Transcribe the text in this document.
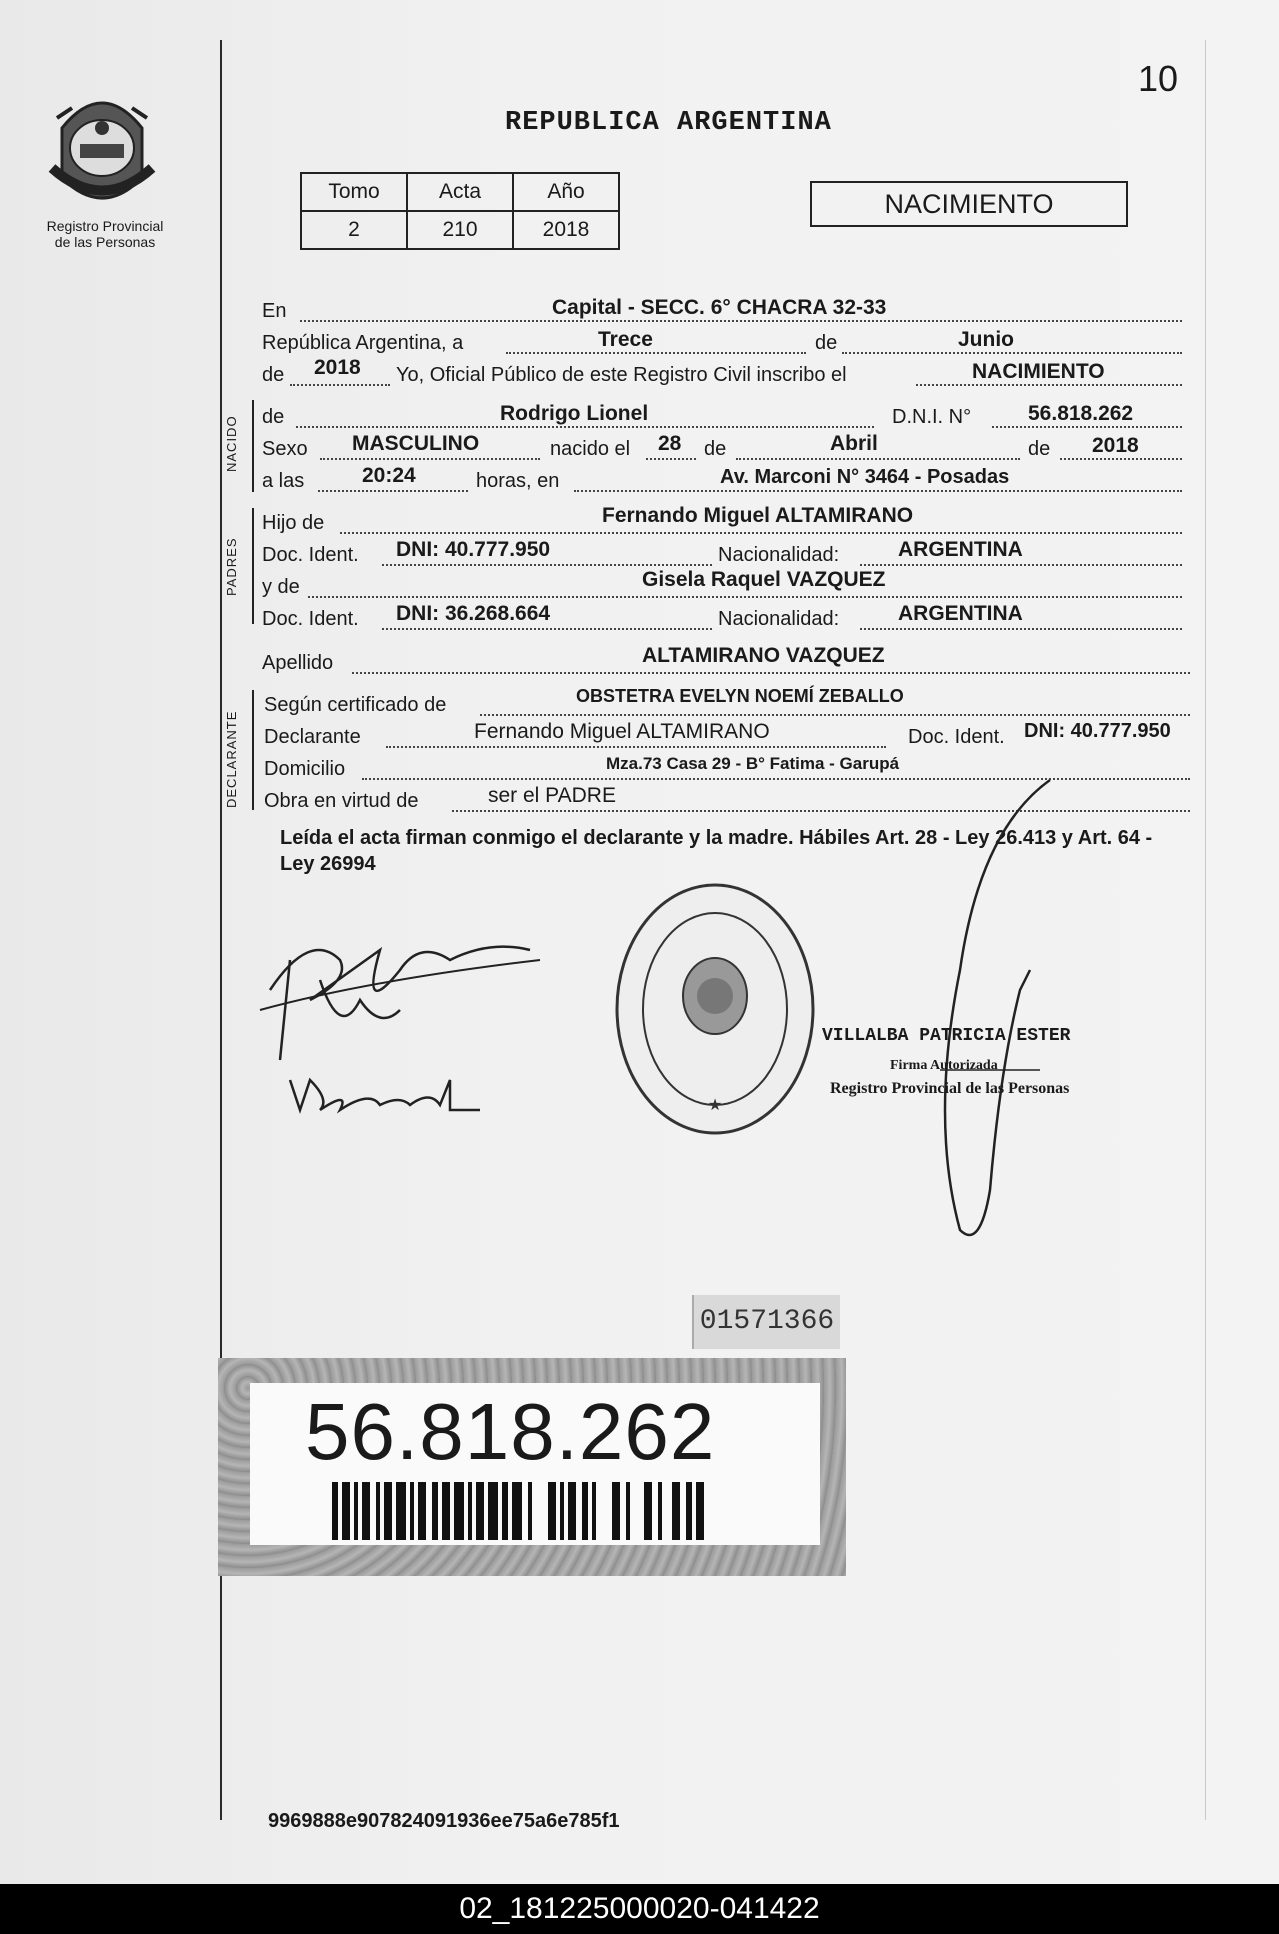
10
Registro Provincial
de las Personas
REPUBLICA ARGENTINA
Tomo	Acta	Año
2	210	2018
NACIMIENTO
En	Capital - SECC. 6° CHACRA 32-33
República Argentina, a	Trece	de	Junio
de 2018 Yo, Oficial Público de este Registro Civil inscribo el	NACIMIENTO
NACIDO de	Rodrigo Lionel	D.N.I. N°	56.818.262
Sexo MASCULINO	nacido el 28 de	Abril	de 2018
a las	20:24	horas, en	Av. Marconi N° 3464 - Posadas
PADRES
Hijo de	Fernando Miguel ALTAMIRANO
Doc. Ident. DNI: 40.777.950	Nacionalidad:	ARGENTINA
y de	Gisela Raquel VAZQUEZ
Doc. Ident. DNI: 36.268.664	Nacionalidad:	ARGENTINA
Apellido	ALTAMIRANO VAZQUEZ
DECLARANTE
Según certificado de	OBSTETRA EVELYN NOEMÍ ZEBALLO
Declarante	Fernando Miguel ALTAMIRANO	Doc. Ident. DNI: 40.777.950
Domicilio	Mza.73 Casa 29 - B° Fatima - Garupá
Obra en virtud de	ser el PADRE
Leída el acta firman conmigo el declarante y la madre. Hábiles Art. 28 - Ley 26.413 y Art. 64 - Ley 26994
★
VILLALBA PATRICIA ESTER
Firma Autorizada
Registro Provincial de las Personas
01571366
56.818.262
9969888e907824091936ee75a6e785f1
02_181225000020-041422
